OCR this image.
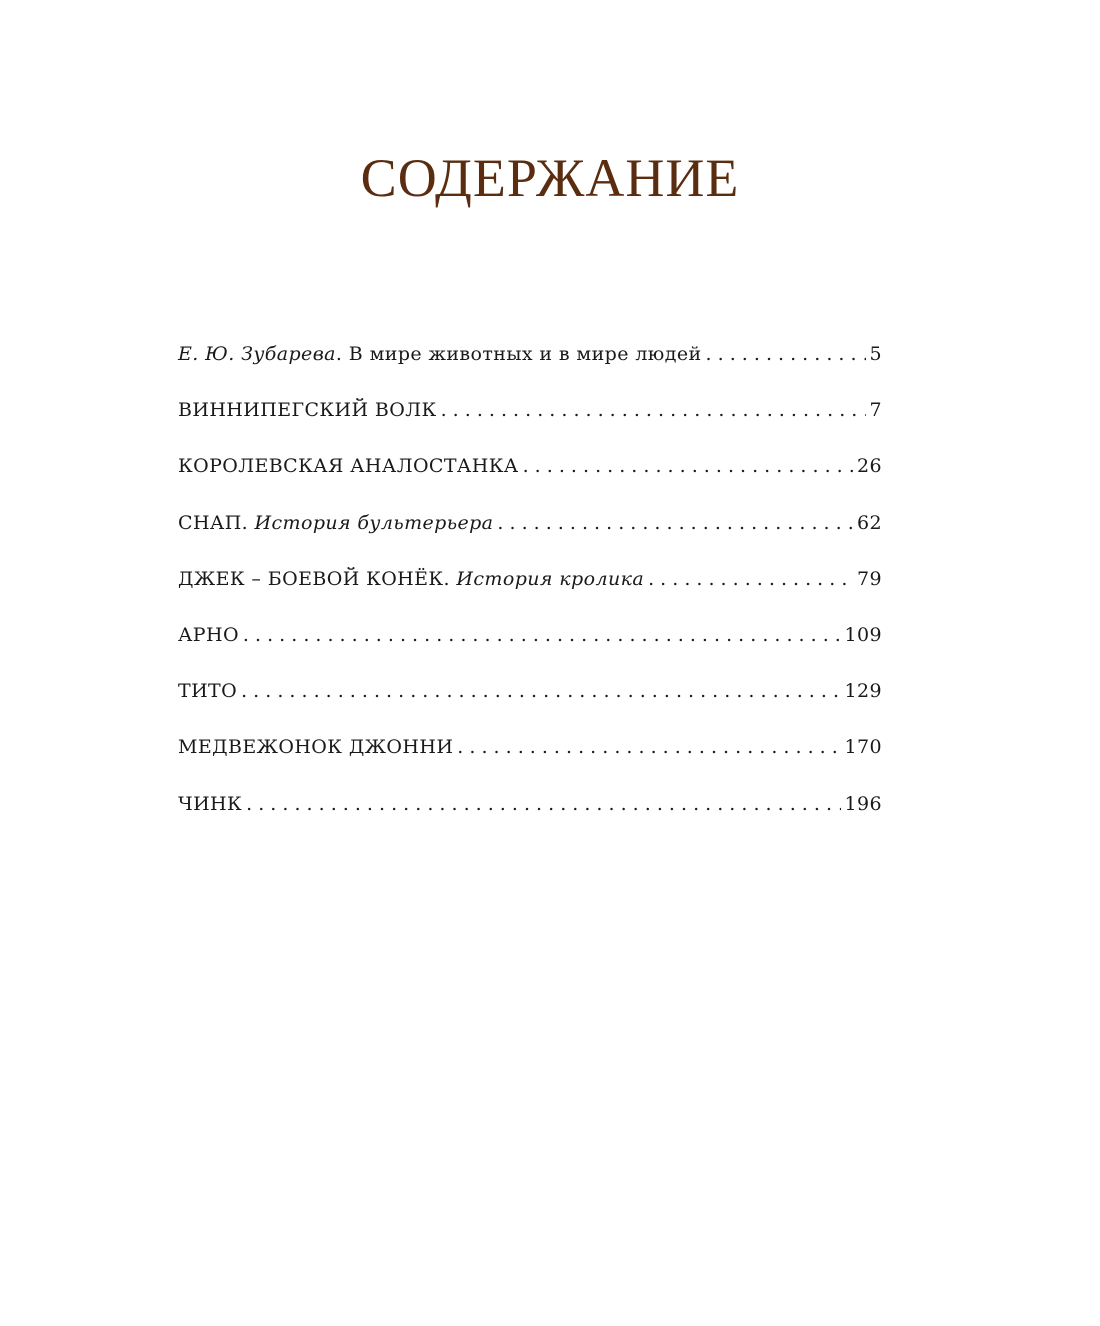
СОДЕРЖАНИЕ
Е. Ю. Зубарева. В мире животных и в мире людей . . .	5
ВИННИПЕГСКИЙ ВОЛК . . .	7
КОРОЛЕВСКАЯ АНАЛОСТАНКА . . .	26
СНАП. История бультерьера . . .	62
ДЖЕК – БОЕВОЙ КОНЁК. История кролика . . .	79
АРНО . . .	109
ТИТО . . .	129
МЕДВЕЖОНОК ДЖОННИ . . .	170
ЧИНК . . .	196
